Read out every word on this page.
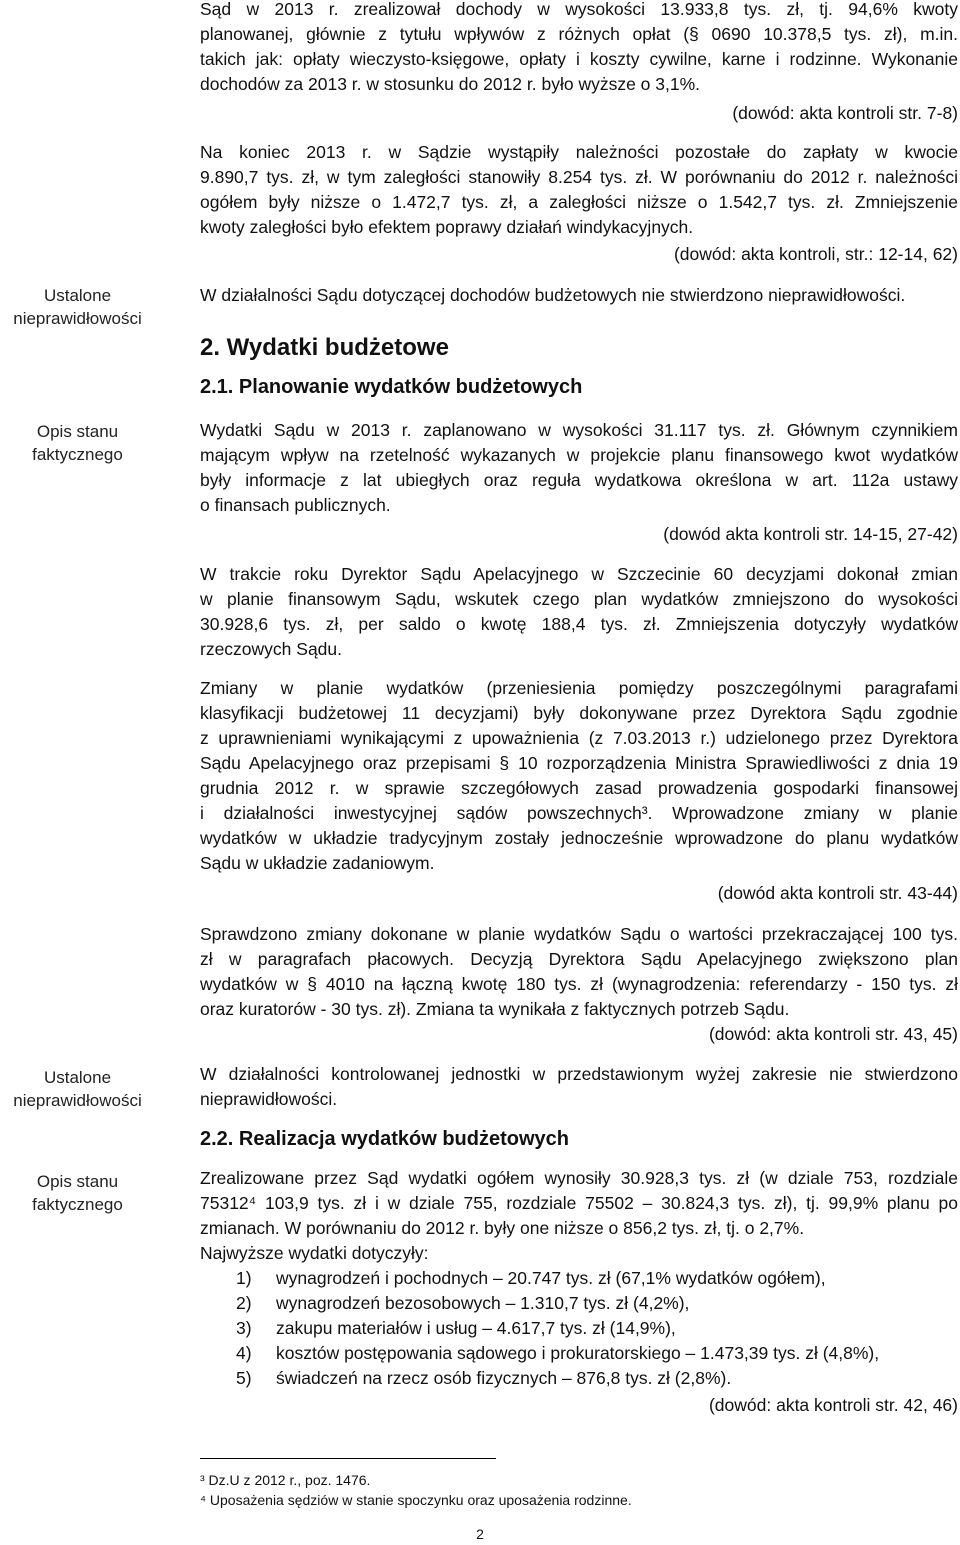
Ustalone nieprawidłowości
Opis stanu faktycznego
Ustalone nieprawidłowości
Opis stanu faktycznego
Sąd w 2013 r. zrealizował dochody w wysokości 13.933,8 tys. zł, tj. 94,6% kwoty
planowanej, głównie z tytułu wpływów z różnych opłat (§ 0690 10.378,5 tys. zł), m.in.
takich jak: opłaty wieczysto-księgowe, opłaty i koszty cywilne, karne i rodzinne. Wykonanie
dochodów za 2013 r. w stosunku do 2012 r. było wyższe o 3,1%.
(dowód: akta kontroli str. 7-8)
Na koniec 2013 r. w Sądzie wystąpiły należności pozostałe do zapłaty w kwocie
9.890,7 tys. zł, w tym zaległości stanowiły 8.254 tys. zł. W porównaniu do 2012 r. należności
ogółem były niższe o 1.472,7 tys. zł, a zaległości niższe o 1.542,7 tys. zł. Zmniejszenie
kwoty zaległości było efektem poprawy działań windykacyjnych.
(dowód: akta kontroli, str.: 12-14, 62)
W działalności Sądu dotyczącej dochodów budżetowych nie stwierdzono nieprawidłowości.
2. Wydatki budżetowe
2.1. Planowanie wydatków budżetowych
Wydatki Sądu w 2013 r. zaplanowano w wysokości 31.117 tys. zł. Głównym czynnikiem
mającym wpływ na rzetelność wykazanych w projekcie planu finansowego kwot wydatków
były informacje z lat ubiegłych oraz reguła wydatkowa określona w art. 112a ustawy
o finansach publicznych.
(dowód akta kontroli str. 14-15, 27-42)
W trakcie roku Dyrektor Sądu Apelacyjnego w Szczecinie 60 decyzjami dokonał zmian
w planie finansowym Sądu, wskutek czego plan wydatków zmniejszono do wysokości
30.928,6 tys. zł, per saldo o kwotę 188,4 tys. zł. Zmniejszenia dotyczyły wydatków
rzeczowych Sądu.
Zmiany w planie wydatków (przeniesienia pomiędzy poszczególnymi paragrafami
klasyfikacji budżetowej 11 decyzjami) były dokonywane przez Dyrektora Sądu zgodnie
z uprawnieniami wynikającymi z upoważnienia (z 7.03.2013 r.) udzielonego przez Dyrektora
Sądu Apelacyjnego oraz przepisami § 10 rozporządzenia Ministra Sprawiedliwości z dnia 19
grudnia 2012 r. w sprawie szczegółowych zasad prowadzenia gospodarki finansowej
i działalności inwestycyjnej sądów powszechnych³. Wprowadzone zmiany w planie
wydatków w układzie tradycyjnym zostały jednocześnie wprowadzone do planu wydatków
Sądu w układzie zadaniowym.
(dowód akta kontroli str. 43-44)
Sprawdzono zmiany dokonane w planie wydatków Sądu o wartości przekraczającej 100 tys.
zł w paragrafach płacowych. Decyzją Dyrektora Sądu Apelacyjnego zwiększono plan
wydatków w § 4010 na łączną kwotę 180 tys. zł (wynagrodzenia: referendarzy - 150 tys. zł
oraz kuratorów - 30 tys. zł). Zmiana ta wynikała z faktycznych potrzeb Sądu.
(dowód: akta kontroli str. 43, 45)
W działalności kontrolowanej jednostki w przedstawionym wyżej zakresie nie stwierdzono
nieprawidłowości.
2.2. Realizacja wydatków budżetowych
Zrealizowane przez Sąd wydatki ogółem wynosiły 30.928,3 tys. zł (w dziale 753, rozdziale
75312⁴ 103,9 tys. zł i w dziale 755, rozdziale 75502 – 30.824,3 tys. zł), tj. 99,9% planu po
zmianach. W porównaniu do 2012 r. były one niższe o 856,2 tys. zł, tj. o 2,7%.
Najwyższe wydatki dotyczyły:
1) wynagrodzeń i pochodnych – 20.747 tys. zł (67,1% wydatków ogółem),
2) wynagrodzeń bezosobowych – 1.310,7 tys. zł (4,2%),
3) zakupu materiałów i usług – 4.617,7 tys. zł (14,9%),
4) kosztów postępowania sądowego i prokuratorskiego – 1.473,39 tys. zł (4,8%),
5) świadczeń na rzecz osób fizycznych – 876,8 tys. zł (2,8%).
(dowód: akta kontroli str. 42, 46)
³ Dz.U z 2012 r., poz. 1476.
⁴ Uposażenia sędziów w stanie spoczynku oraz uposażenia rodzinne.
2
